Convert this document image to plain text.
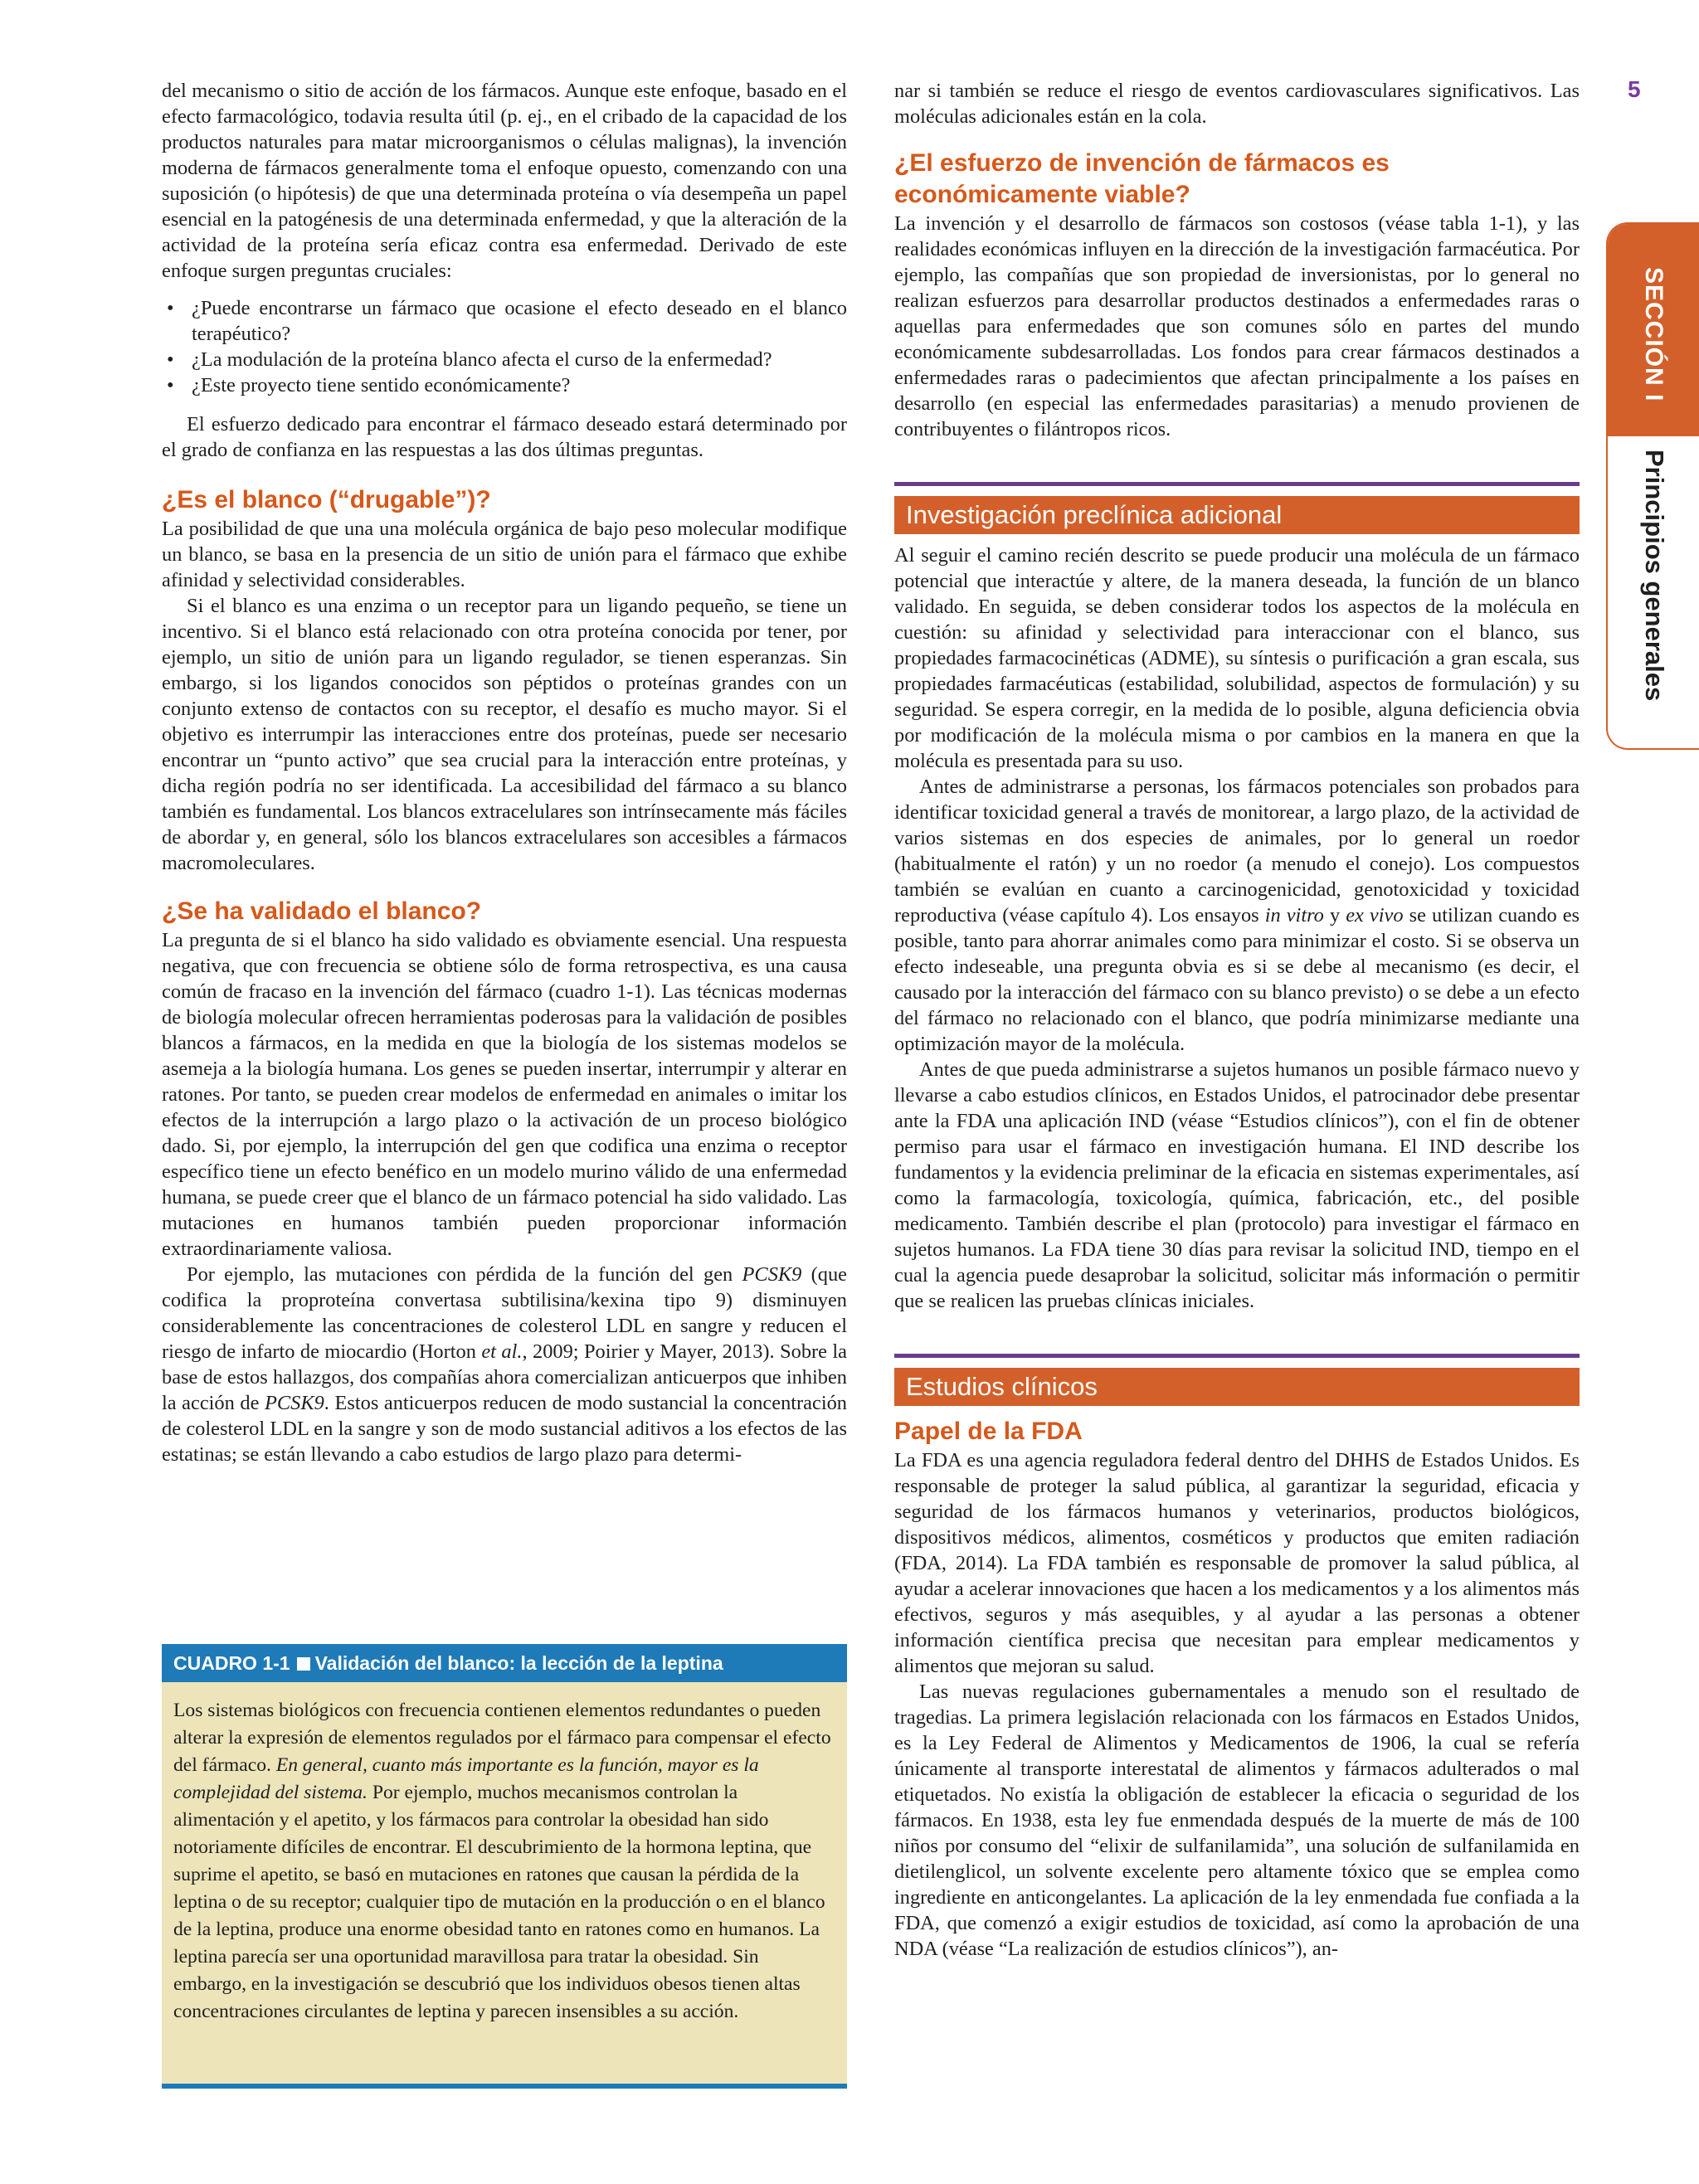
5
SECCIÓN I
Principios generales

del mecanismo o sitio de acción de los fármacos. Aunque este enfoque, basado en el efecto farmacológico, todavia resulta útil (p. ej., en el cribado de la capacidad de los productos naturales para matar microorganismos o células malignas), la invención moderna de fármacos generalmente toma el enfoque opuesto, comenzando con una suposición (o hipótesis) de que una determinada proteína o vía desempeña un papel esencial en la patogénesis de una determinada enfermedad, y que la alteración de la actividad de la proteína sería eficaz contra esa enfermedad. Derivado de este enfoque surgen preguntas cruciales:

• ¿Puede encontrarse un fármaco que ocasione el efecto deseado en el blanco terapéutico?
• ¿La modulación de la proteína blanco afecta el curso de la enfermedad?
• ¿Este proyecto tiene sentido económicamente?

El esfuerzo dedicado para encontrar el fármaco deseado estará determinado por el grado de confianza en las respuestas a las dos últimas preguntas.

¿Es el blanco (“drugable”)?

La posibilidad de que una una molécula orgánica de bajo peso molecular modifique un blanco, se basa en la presencia de un sitio de unión para el fármaco que exhibe afinidad y selectividad considerables.

Si el blanco es una enzima o un receptor para un ligando pequeño, se tiene un incentivo. Si el blanco está relacionado con otra proteína conocida por tener, por ejemplo, un sitio de unión para un ligando regulador, se tienen esperanzas. Sin embargo, si los ligandos conocidos son péptidos o proteínas grandes con un conjunto extenso de contactos con su receptor, el desafío es mucho mayor. Si el objetivo es interrumpir las interacciones entre dos proteínas, puede ser necesario encontrar un “punto activo” que sea crucial para la interacción entre proteínas, y dicha región podría no ser identificada. La accesibilidad del fármaco a su blanco también es fundamental. Los blancos extracelulares son intrínsecamente más fáciles de abordar y, en general, sólo los blancos extracelulares son accesibles a fármacos macromoleculares.

¿Se ha validado el blanco?

La pregunta de si el blanco ha sido validado es obviamente esencial. Una respuesta negativa, que con frecuencia se obtiene sólo de forma retrospectiva, es una causa común de fracaso en la invención del fármaco (cuadro 1-1). Las técnicas modernas de biología molecular ofrecen herramientas poderosas para la validación de posibles blancos a fármacos, en la medida en que la biología de los sistemas modelos se asemeja a la biología humana. Los genes se pueden insertar, interrumpir y alterar en ratones. Por tanto, se pueden crear modelos de enfermedad en animales o imitar los efectos de la interrupción a largo plazo o la activación de un proceso biológico dado. Si, por ejemplo, la interrupción del gen que codifica una enzima o receptor específico tiene un efecto benéfico en un modelo murino válido de una enfermedad humana, se puede creer que el blanco de un fármaco potencial ha sido validado. Las mutaciones en humanos también pueden proporcionar información extraordinariamente valiosa.

Por ejemplo, las mutaciones con pérdida de la función del gen PCSK9 (que codifica la proproteína convertasa subtilisina/kexina tipo 9) disminuyen considerablemente las concentraciones de colesterol LDL en sangre y reducen el riesgo de infarto de miocardio (Horton et al., 2009; Poirier y Mayer, 2013). Sobre la base de estos hallazgos, dos compañías ahora comercializan anticuerpos que inhiben la acción de PCSK9. Estos anticuerpos reducen de modo sustancial la concentración de colesterol LDL en la sangre y son de modo sustancial aditivos a los efectos de las estatinas; se están llevando a cabo estudios de largo plazo para determi-

CUADRO 1-1 Validación del blanco: la lección de la leptina
Los sistemas biológicos con frecuencia contienen elementos redundantes o pueden alterar la expresión de elementos regulados por el fármaco para compensar el efecto del fármaco. En general, cuanto más importante es la función, mayor es la complejidad del sistema. Por ejemplo, muchos mecanismos controlan la alimentación y el apetito, y los fármacos para controlar la obesidad han sido notoriamente difíciles de encontrar. El descubrimiento de la hormona leptina, que suprime el apetito, se basó en mutaciones en ratones que causan la pérdida de la leptina o de su receptor; cualquier tipo de mutación en la producción o en el blanco de la leptina, produce una enorme obesidad tanto en ratones como en humanos. La leptina parecía ser una oportunidad maravillosa para tratar la obesidad. Sin embargo, en la investigación se descubrió que los individuos obesos tienen altas concentraciones circulantes de leptina y parecen insensibles a su acción.

nar si también se reduce el riesgo de eventos cardiovasculares significativos. Las moléculas adicionales están en la cola.

¿El esfuerzo de invención de fármacos es económicamente viable?

La invención y el desarrollo de fármacos son costosos (véase tabla 1-1), y las realidades económicas influyen en la dirección de la investigación farmacéutica. Por ejemplo, las compañías que son propiedad de inversionistas, por lo general no realizan esfuerzos para desarrollar productos destinados a enfermedades raras o aquellas para enfermedades que son comunes sólo en partes del mundo económicamente subdesarrolladas. Los fondos para crear fármacos destinados a enfermedades raras o padecimientos que afectan principalmente a los países en desarrollo (en especial las enfermedades parasitarias) a menudo provienen de contribuyentes o filántropos ricos.

Investigación preclínica adicional

Al seguir el camino recién descrito se puede producir una molécula de un fármaco potencial que interactúe y altere, de la manera deseada, la función de un blanco validado. En seguida, se deben considerar todos los aspectos de la molécula en cuestión: su afinidad y selectividad para interaccionar con el blanco, sus propiedades farmacocinéticas (ADME), su síntesis o purificación a gran escala, sus propiedades farmacéuticas (estabilidad, solubilidad, aspectos de formulación) y su seguridad. Se espera corregir, en la medida de lo posible, alguna deficiencia obvia por modificación de la molécula misma o por cambios en la manera en que la molécula es presentada para su uso.

Antes de administrarse a personas, los fármacos potenciales son probados para identificar toxicidad general a través de monitorear, a largo plazo, de la actividad de varios sistemas en dos especies de animales, por lo general un roedor (habitualmente el ratón) y un no roedor (a menudo el conejo). Los compuestos también se evalúan en cuanto a carcinogenicidad, genotoxicidad y toxicidad reproductiva (véase capítulo 4). Los ensayos in vitro y ex vivo se utilizan cuando es posible, tanto para ahorrar animales como para minimizar el costo. Si se observa un efecto indeseable, una pregunta obvia es si se debe al mecanismo (es decir, el causado por la interacción del fármaco con su blanco previsto) o se debe a un efecto del fármaco no relacionado con el blanco, que podría minimizarse mediante una optimización mayor de la molécula.

Antes de que pueda administrarse a sujetos humanos un posible fármaco nuevo y llevarse a cabo estudios clínicos, en Estados Unidos, el patrocinador debe presentar ante la FDA una aplicación IND (véase “Estudios clínicos”), con el fin de obtener permiso para usar el fármaco en investigación humana. El IND describe los fundamentos y la evidencia preliminar de la eficacia en sistemas experimentales, así como la farmacología, toxicología, química, fabricación, etc., del posible medicamento. También describe el plan (protocolo) para investigar el fármaco en sujetos humanos. La FDA tiene 30 días para revisar la solicitud IND, tiempo en el cual la agencia puede desaprobar la solicitud, solicitar más información o permitir que se realicen las pruebas clínicas iniciales.

Estudios clínicos
Papel de la FDA

La FDA es una agencia reguladora federal dentro del DHHS de Estados Unidos. Es responsable de proteger la salud pública, al garantizar la seguridad, eficacia y seguridad de los fármacos humanos y veterinarios, productos biológicos, dispositivos médicos, alimentos, cosméticos y productos que emiten radiación (FDA, 2014). La FDA también es responsable de promover la salud pública, al ayudar a acelerar innovaciones que hacen a los medicamentos y a los alimentos más efectivos, seguros y más asequibles, y al ayudar a las personas a obtener información científica precisa que necesitan para emplear medicamentos y alimentos que mejoran su salud.

Las nuevas regulaciones gubernamentales a menudo son el resultado de tragedias. La primera legislación relacionada con los fármacos en Estados Unidos, es la Ley Federal de Alimentos y Medicamentos de 1906, la cual se refería únicamente al transporte interestatal de alimentos y fármacos adulterados o mal etiquetados. No existía la obligación de establecer la eficacia o seguridad de los fármacos. En 1938, esta ley fue enmendada después de la muerte de más de 100 niños por consumo del “elixir de sulfanilamida”, una solución de sulfanilamida en dietilenglicol, un solvente excelente pero altamente tóxico que se emplea como ingrediente en anticongelantes. La aplicación de la ley enmendada fue confiada a la FDA, que comenzó a exigir estudios de toxicidad, así como la aprobación de una NDA (véase “La realización de estudios clínicos”), an-
